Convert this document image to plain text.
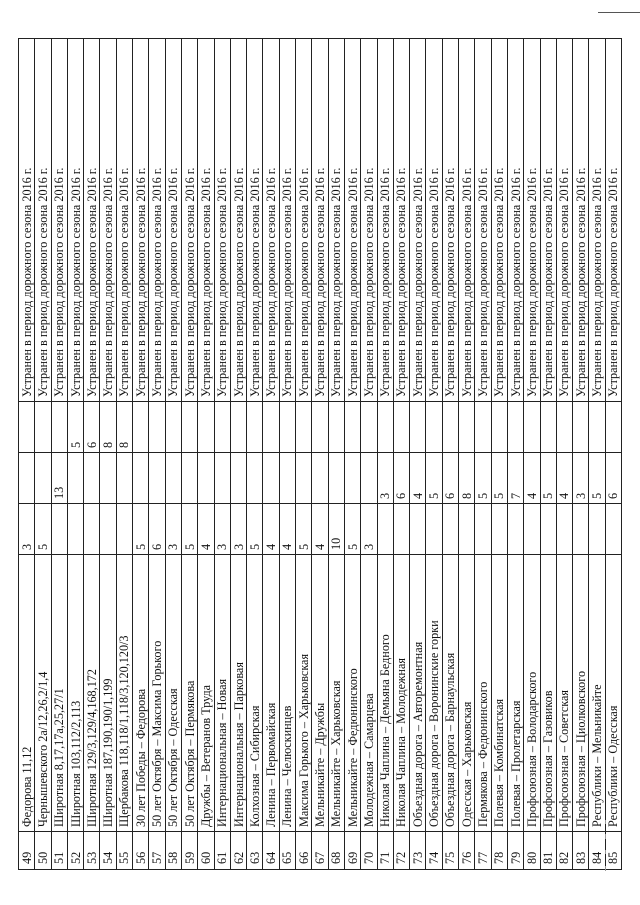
49	Федорова 11,12	3			Устранен в период дорожного сезона 2016 г.
50	Чернышевского 2а/12,26,2/1,4	5			Устранен в период дорожного сезона 2016 г.
51	Широтная 8,17,17а,25,27/1		13		Устранен в период дорожного сезона 2016 г.
52	Широтная 103,112/2,113			5	Устранен в период дорожного сезона 2016 г.
53	Широтная 129/3,129/4,168,172			6	Устранен в период дорожного сезона 2016 г.
54	Широтная 187,190,190/1,199			8	Устранен в период дорожного сезона 2016 г.
55	Щербакова 118,118/1,118/3,120,120/3			8	Устранен в период дорожного сезона 2016 г.
56	30 лет Победы – Федорова	5			Устранен в период дорожного сезона 2016 г.
57	50 лет Октября – Максима Горького	6			Устранен в период дорожного сезона 2016 г.
58	50 лет Октября – Одесская	3			Устранен в период дорожного сезона 2016 г.
59	50 лет Октября – Пермякова	5			Устранен в период дорожного сезона 2016 г.
60	Дружбы – Ветеранов Труда	4			Устранен в период дорожного сезона 2016 г.
61	Интернациональная – Новая	3			Устранен в период дорожного сезона 2016 г.
62	Интернациональная – Парковая	3			Устранен в период дорожного сезона 2016 г.
63	Колхозная – Сибирская	5			Устранен в период дорожного сезона 2016 г.
64	Ленина – Первомайская	4			Устранен в период дорожного сезона 2016 г.
65	Ленина – Челюскинцев	4			Устранен в период дорожного сезона 2016 г.
66	Максима Горького – Харьковская	5			Устранен в период дорожного сезона 2016 г.
67	Мельникайте – Дружбы	4			Устранен в период дорожного сезона 2016 г.
68	Мельникайте – Харьковская	10			Устранен в период дорожного сезона 2016 г.
69	Мельникайте – Федюнинского	5			Устранен в период дорожного сезона 2016 г.
70	Молодежная – Самарцева	3			Устранен в период дорожного сезона 2016 г.
71	Николая Чаплина – Демьяна Бедного		3		Устранен в период дорожного сезона 2016 г.
72	Николая Чаплина – Молодежная		6		Устранен в период дорожного сезона 2016 г.
73	Объездная дорога – Авторемонтная		4		Устранен в период дорожного сезона 2016 г.
74	Объездная дорога – Воронинские горки		5		Устранен в период дорожного сезона 2016 г.
75	Объездная дорога – Барнаульская		6		Устранен в период дорожного сезона 2016 г.
76	Одесская – Харьковская		8		Устранен в период дорожного сезона 2016 г.
77	Пермякова – Федюнинского		5		Устранен в период дорожного сезона 2016 г.
78	Полевая – Комбинатская		5		Устранен в период дорожного сезона 2016 г.
79	Полевая – Пролетарская		7		Устранен в период дорожного сезона 2016 г.
80	Профсоюзная – Володарского		4		Устранен в период дорожного сезона 2016 г.
81	Профсоюзная – Газовиков		5		Устранен в период дорожного сезона 2016 г.
82	Профсоюзная – Советская		4		Устранен в период дорожного сезона 2016 г.
83	Профсоюзная – Циолковского		3		Устранен в период дорожного сезона 2016 г.
84	Республики – Мельникайте		5		Устранен в период дорожного сезона 2016 г.
85	Республики – Одесская		6		Устранен в период дорожного сезона 2016 г.
